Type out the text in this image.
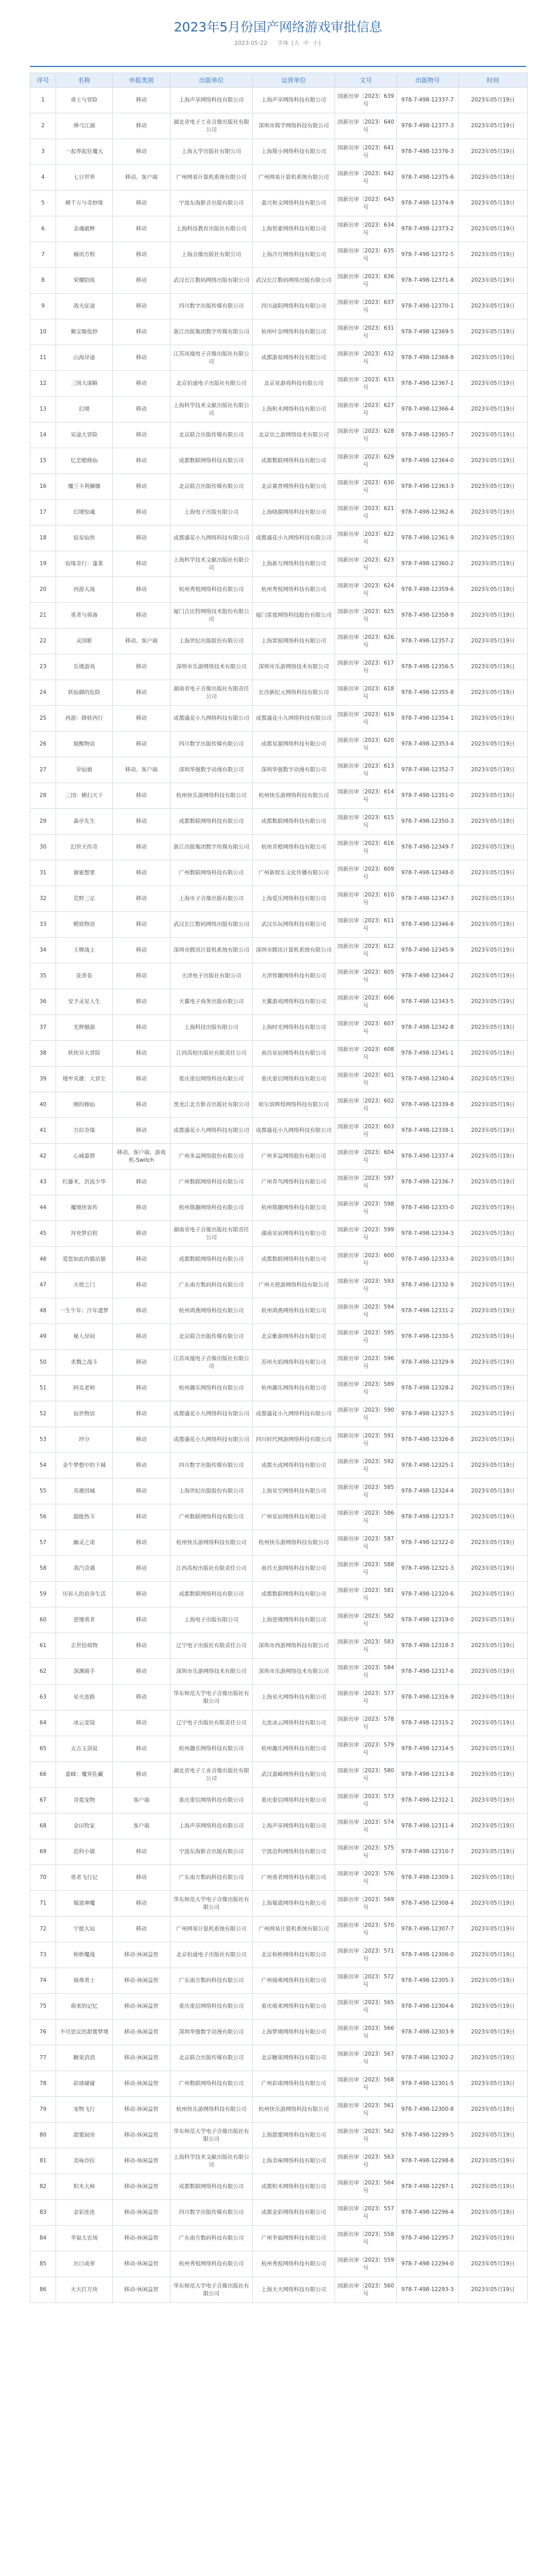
2023年5月份国产网络游戏审批信息
2023-05-22 字体 [大 中 小]
序号	名称	申报类别	出版单位	运营单位	文号	出版物号	时间
1	勇士与冒险	移动	上海声享网络科技有限公司	上海声享网络科技有限公司	国新出审〔2023〕639号	978-7-498-12337-7	2023年05月19日
2	弹弓江湖	移动	湖北省电子工业音像出版社有限公司	深圳市简学网络科技有限公司	国新出审〔2023〕640号	978-7-498-12377-3	2023年05月19日
3	一起养起狂魔大	移动	上海大学出版社有限公司	上海简小网络科技有限公司	国新出审〔2023〕641号	978-7-498-12376-3	2023年05月19日
4	七日世界	移动、客户端	广州网易计算机系统有限公司	广州网易计算机系统有限公司	国新出审〔2023〕642号	978-7-498-12375-6	2023年05月19日
5	横千万与奇妙缘	移动	宁波东海影音出版有限公司	嘉兴和文网络科技有限公司	国新出审〔2023〕643号	978-7-498-12374-9	2023年05月19日
6	金魂破释	移动	上海科技教育出版社有限公司	上海智豪网络科技有限公司	国新出审〔2023〕634号	978-7-498-12373-2	2023年05月19日
7	楠讯方程	移动	上海音像出版社有限公司	上海冷月网络科技有限公司	国新出审〔2023〕635号	978-7-498-12372-5	2023年05月19日
8	荣耀陪练	移动	武汉长江数码网络出版有限公司	武汉长江数码网络出版有限公司	国新出审〔2023〕636号	978-7-498-12371-8	2023年05月19日
9	战火征途	移动	四川数字出版传媒有限公司	四川途阳网络科技有限公司	国新出审〔2023〕637号	978-7-498-12370-1	2023年05月19日
10	聚宝吸收妙	移动	浙江出版集团数字传媒有限公司	杭州叶奈网络科技有限公司	国新出审〔2023〕631号	978-7-498-12369-5	2023年05月19日
11	山海异途	移动	江苏凤凰电子音像出版社有限公司	成都游易网络科技有限公司	国新出审〔2023〕632号	978-7-498-12368-8	2023年05月19日
12	三国大谋略	移动	北京伯通电子出版社有限公司	北京星游戏科技有限公司	国新出审〔2023〕633号	978-7-498-12367-1	2023年05月19日
13	幻境	移动	上海科学技术文献出版社有限公司	上海积木网络科技有限公司	国新出审〔2023〕627号	978-7-498-12366-4	2023年05月19日
14	星途大冒险	移动	北京联合出版传媒有限公司	北京宗之游网络技术有限公司	国新出审〔2023〕628号	978-7-498-12365-7	2023年05月19日
15	忆恋嗯修仙	移动	成都数联网络科技有限公司	成都数联网络科技有限公司	国新出审〔2023〕629号	978-7-498-12364-0	2023年05月19日
16	魔兰卡利狮娜	移动	北京联合出版传媒有限公司	北京赛普网络科技有限公司	国新出审〔2023〕630号	978-7-498-12363-3	2023年05月19日
17	幻境惊魂	移动	上海电子出版有限公司	上海晓源网络科技有限公司	国新出审〔2023〕621号	978-7-498-12362-6	2023年05月19日
18	宿星仙侠	移动	成都盛花小九网络科技有限公司	成都盛花小九网络科技有限公司	国新出审〔2023〕622号	978-7-498-12361-9	2023年05月19日
19	宿缘奇行：蓬莱	移动	上海科学技术文献出版社有限公司	上海新互网络科技有限公司	国新出审〔2023〕623号	978-7-498-12360-2	2023年05月19日
20	西游大战	移动	杭州秀悦网络科技有限公司	杭州秀悦网络科技有限公司	国新出审〔2023〕624号	978-7-498-12359-6	2023年05月19日
21	勇者与祷备	移动	厦门吉比特网络技术股份有限公司	厦门雷霆网络科技股份有限公司	国新出审〔2023〕625号	978-7-498-12358-9	2023年05月19日
22	灵国影	移动、客户端	上海世纪出版股份有限公司	上海雷锐网络科技有限公司	国新出审〔2023〕626号	978-7-498-12357-2	2023年05月19日
23	乐境游戏	移动	深圳市乐游网络技术有限公司	深圳市乐游网络技术有限公司	国新出审〔2023〕617号	978-7-498-12356-5	2023年05月19日
24	妖仙御的危险	移动	湖南省电子音像出版社有限责任公司	长沙新纪元网络科技有限公司	国新出审〔2023〕618号	978-7-498-12355-8	2023年05月19日
25	西游：降妖西行	移动	成都盛花小九网络科技有限公司	成都盛花小九网络科技有限公司	国新出审〔2023〕619号	978-7-498-12354-1	2023年05月19日
26	貌醒物语	移动	四川数字出版传媒有限公司	成都星源网络科技有限公司	国新出审〔2023〕620号	978-7-498-12353-4	2023年05月19日
27	异仙娘	移动、客户端	深圳华强数字动漫有限公司	深圳华强数字动漫有限公司	国新出审〔2023〕613号	978-7-498-12352-7	2023年05月19日
28	三国：横扫天下	移动	杭州快乐游网络科技有限公司	杭州快乐游网络科技有限公司	国新出审〔2023〕614号	978-7-498-12351-0	2023年05月19日
29	森亭先生	移动	成都数联网络科技有限公司	成都数联网络科技有限公司	国新出审〔2023〕615号	978-7-498-12350-3	2023年05月19日
30	幻世天传奇	移动	浙江出版集团数字传媒有限公司	杭州青橙网络科技有限公司	国新出审〔2023〕616号	978-7-498-12349-7	2023年05月19日
31	谢霍想要	移动	广州数联网络科技有限公司	广州新娱乐文化传播有限公司	国新出审〔2023〕609号	978-7-498-12348-0	2023年05月19日
32	荒野三足	移动	上海市子音像出版有限公司	上海爱乐网络科技有限公司	国新出审〔2023〕610号	978-7-498-12347-3	2023年05月19日
33	精致物语	移动	武汉长江数码网络出版有限公司	武汉乐玩网络科技有限公司	国新出审〔2023〕611号	978-7-498-12346-6	2023年05月19日
34	王牌战士	移动	深圳市腾讯计算机系统有限公司	深圳市腾讯计算机系统有限公司	国新出审〔2023〕612号	978-7-498-12345-9	2023年05月19日
35	花香卷	移动	天津电子出版社有限公司	天津智趣网络科技有限公司	国新出审〔2023〕605号	978-7-498-12344-2	2023年05月19日
36	安予灵星人生	移动	天翼电子商务出版有限公司	天翼游戏网络科技有限公司	国新出审〔2023〕606号	978-7-498-12343-5	2023年05月19日
37	光辉憾游	移动	上海科技出版有限公司	上海时光网络科技有限公司	国新出审〔2023〕607号	978-7-498-12342-8	2023年05月19日
38	妖侠异大冒险	移动	江西高校出版社有限责任公司	南昌星辰网络科技有限公司	国新出审〔2023〕608号	978-7-498-12341-1	2023年05月19日
39	地牢英雄：大冒左	移动	重庆重信网络科技有限公司	重庆重信网络科技有限公司	国新出审〔2023〕601号	978-7-498-12340-4	2023年05月19日
40	刚的修仙	移动	黑龙江北方影音出版社有限公司	哈尔滨辉煌网络科技有限公司	国新出审〔2023〕602号	978-7-498-12339-8	2023年05月19日
41	方拉奇缘	移动	成都盛花小九网络科技有限公司	成都盛花小九网络科技有限公司	国新出审〔2023〕603号	978-7-498-12338-1	2023年05月19日
42	心城暮情	移动、客户端、游戏机-Switch	广州多益网络股份有限公司	广州多益网络股份有限公司	国新出审〔2023〕604号	978-7-498-12337-4	2023年05月19日
43	红藤术，洪流少华	移动	广州数联网络科技有限公司	广州青鸟网络科技有限公司	国新出审〔2023〕597号	978-7-498-12336-7	2023年05月19日
44	魔境侠客传	移动	杭州简趣网络科技有限公司	杭州简趣网络科技有限公司	国新出审〔2023〕598号	978-7-498-12335-0	2023年05月19日
45	拜充梦启程	移动	湖南省电子音像出版社有限责任公司	湖南星宸网络科技有限公司	国新出审〔2023〕599号	978-7-498-12334-3	2023年05月19日
46	爱您如此的猫站猫	移动	成都数联网络科技有限公司	成都数联网络科技有限公司	国新出审〔2023〕600号	978-7-498-12333-6	2023年05月19日
47	天使之门	移动	广东南方数码科技有限公司	广州天使游网络科技有限公司	国新出审〔2023〕593号	978-7-498-12332-9	2023年05月19日
48	一生午年：汗年遗梦	移动	杭州鸿燕网络科技有限公司	杭州鸿燕网络科技有限公司	国新出审〔2023〕594号	978-7-498-12331-2	2023年05月19日
49	秘人异间	移动	北京联合出版传媒有限公司	北京紫游网络科技有限公司	国新出审〔2023〕595号	978-7-498-12330-5	2023年05月19日
50	杀戮之战斗	移动	江苏凤凰电子音像出版社有限公司	苏州火焰网络科技有限公司	国新出审〔2023〕596号	978-7-498-12329-9	2023年05月19日
51	阿克老师	移动	杭州趣乐网络科技有限公司	杭州趣乐网络科技有限公司	国新出审〔2023〕589号	978-7-498-12328-2	2023年05月19日
52	仙世物语	移动	成都盛花小九网络科技有限公司	成都盛花小九网络科技有限公司	国新出审〔2023〕590号	978-7-498-12327-5	2023年05月19日
53	玲分	移动	成都盛花小九网络科技有限公司	四川时代网游网络科技有限公司	国新出审〔2023〕591号	978-7-498-12326-8	2023年05月19日
54	金牛梦想中的下城	移动	四川数字出版传媒有限公司	成都天成网络科技有限公司	国新出审〔2023〕592号	978-7-498-12325-1	2023年05月19日
55	英雄回城	移动	上海世纪出版股份有限公司	上海星空网络科技有限公司	国新出审〔2023〕585号	978-7-498-12324-4	2023年05月19日
56	超能热斗	移动	广州数联网络科技有限公司	广州星辰网络科技有限公司	国新出审〔2023〕586号	978-7-498-12323-7	2023年05月19日
57	幽灵之诺	移动	杭州快乐游网络科技有限公司	杭州快乐游网络科技有限公司	国新出审〔2023〕587号	978-7-498-12322-0	2023年05月19日
58	蒸汽奇遇	移动	江西高校出版社有限责任公司	南昌天游网络科技有限公司	国新出审〔2023〕588号	978-7-498-12321-3	2023年05月19日
59	历诉人的浪奔生活	移动	成都数联网络科技有限公司	成都数联网络科技有限公司	国新出审〔2023〕581号	978-7-498-12320-6	2023年05月19日
60	逆境勇者	移动	上海电子出版有限公司	上海逆境网络科技有限公司	国新出审〔2023〕582号	978-7-498-12319-0	2023年05月19日
61	去世拾萌物	移动	辽宁电子出版社有限责任公司	深圳市西游网络科技有限公司	国新出审〔2023〕583号	978-7-498-12318-3	2023年05月19日
62	深渊骑手	移动	深圳市乐游网络技术有限公司	深圳市乐游网络技术有限公司	国新出审〔2023〕584号	978-7-498-12317-6	2023年05月19日
63	星火连路	移动	华东师范大学电子音像出版社有限公司	上海星火网络科技有限公司	国新出审〔2023〕577号	978-7-498-12316-9	2023年05月19日
64	冰云变镜	移动	辽宁电子出版社有限责任公司	大连冰云网络科技有限公司	国新出审〔2023〕578号	978-7-498-12315-2	2023年05月19日
65	太古玉剑说	移动	杭州趣乐网络科技有限公司	杭州趣乐网络科技有限公司	国新出审〔2023〕579号	978-7-498-12314-5	2023年05月19日
66	嘉峰：魔界佐藏	移动	湖北省电子工业音像出版社有限公司	武汉嘉峰网络科技有限公司	国新出审〔2023〕580号	978-7-498-12313-8	2023年05月19日
67	奇霓宠物	客户端	重庆重信网络科技有限公司	重庆重信网络科技有限公司	国新出审〔2023〕573号	978-7-498-12312-1	2023年05月19日
68	金田牧家	客户端	上海声享网络科技有限公司	上海声享网络科技有限公司	国新出审〔2023〕574号	978-7-498-12311-4	2023年05月19日
69	范科小镇	移动	宁波东海影音出版有限公司	宁波范科网络科技有限公司	国新出审〔2023〕575号	978-7-498-12310-7	2023年05月19日
70	勇者飞行记	移动	广东南方数码科技有限公司	广州勇者网络科技有限公司	国新出审〔2023〕576号	978-7-498-12309-1	2023年05月19日
71	蜀道神魔	移动	华东师范大学电子音像出版社有限公司	上海蜀道网络科技有限公司	国新出审〔2023〕569号	978-7-498-12308-4	2023年05月19日
72	宁愿大局	移动	广州网易计算机系统有限公司	广州网易计算机系统有限公司	国新出审〔2023〕570号	978-7-498-12307-7	2023年05月19日
73	和桥魔战	移动-休闲益智	北京伯通电子出版社有限公司	北京和桥网络科技有限公司	国新出审〔2023〕571号	978-7-498-12306-0	2023年05月19日
74	瑞弗勇士	移动-休闲益智	广东南方数码科技有限公司	广州瑞弗网络科技有限公司	国新出审〔2023〕572号	978-7-498-12305-3	2023年05月19日
75	萌来的记忆	移动-休闲益智	重庆重信网络科技有限公司	重庆萌来网络科技有限公司	国新出审〔2023〕565号	978-7-498-12304-6	2023年05月19日
76	不可思议的甜蜜梦境	移动-休闲益智	深圳华强数字动漫有限公司	上海梦境网络科技有限公司	国新出审〔2023〕566号	978-7-498-12303-9	2023年05月19日
77	糖果消消	移动-休闲益智	北京联合出版传媒有限公司	北京糖果网络科技有限公司	国新出审〔2023〕567号	978-7-498-12302-2	2023年05月19日
78	彩球碰碰	移动-休闲益智	广州数联网络科技有限公司	广州彩球网络科技有限公司	国新出审〔2023〕568号	978-7-498-12301-5	2023年05月19日
79	宠物飞行	移动-休闲益智	杭州快乐游网络科技有限公司	杭州快乐游网络科技有限公司	国新出审〔2023〕561号	978-7-498-12300-8	2023年05月19日
80	甜蜜厨房	移动-休闲益智	华东师范大学电子音像出版社有限公司	上海甜蜜网络科技有限公司	国新出审〔2023〕562号	978-7-498-12299-5	2023年05月19日
81	美味沙拉	移动-休闲益智	上海科学技术文献出版社有限公司	上海美味网络科技有限公司	国新出审〔2023〕563号	978-7-498-12298-8	2023年05月19日
82	积木大师	移动-休闲益智	成都数联网络科技有限公司	成都积木网络科技有限公司	国新出审〔2023〕564号	978-7-498-12297-1	2023年05月19日
83	金彩连连	移动-休闲益智	四川数字出版传媒有限公司	成都金彩网络科技有限公司	国新出审〔2023〕557号	978-7-498-12296-4	2023年05月19日
84	幸福大农场	移动-休闲益智	广东南方数码科技有限公司	广州幸福网络科技有限公司	国新出审〔2023〕558号	978-7-498-12295-7	2023年05月19日
85	出口成章	移动-休闲益智	杭州秀悦网络科技有限公司	杭州秀悦网络科技有限公司	国新出审〔2023〕559号	978-7-498-12294-0	2023年05月19日
86	天天打方块	移动-休闲益智	华东师范大学电子音像出版社有限公司	上海天天网络科技有限公司	国新出审〔2023〕560号	978-7-498-12293-3	2023年05月19日
